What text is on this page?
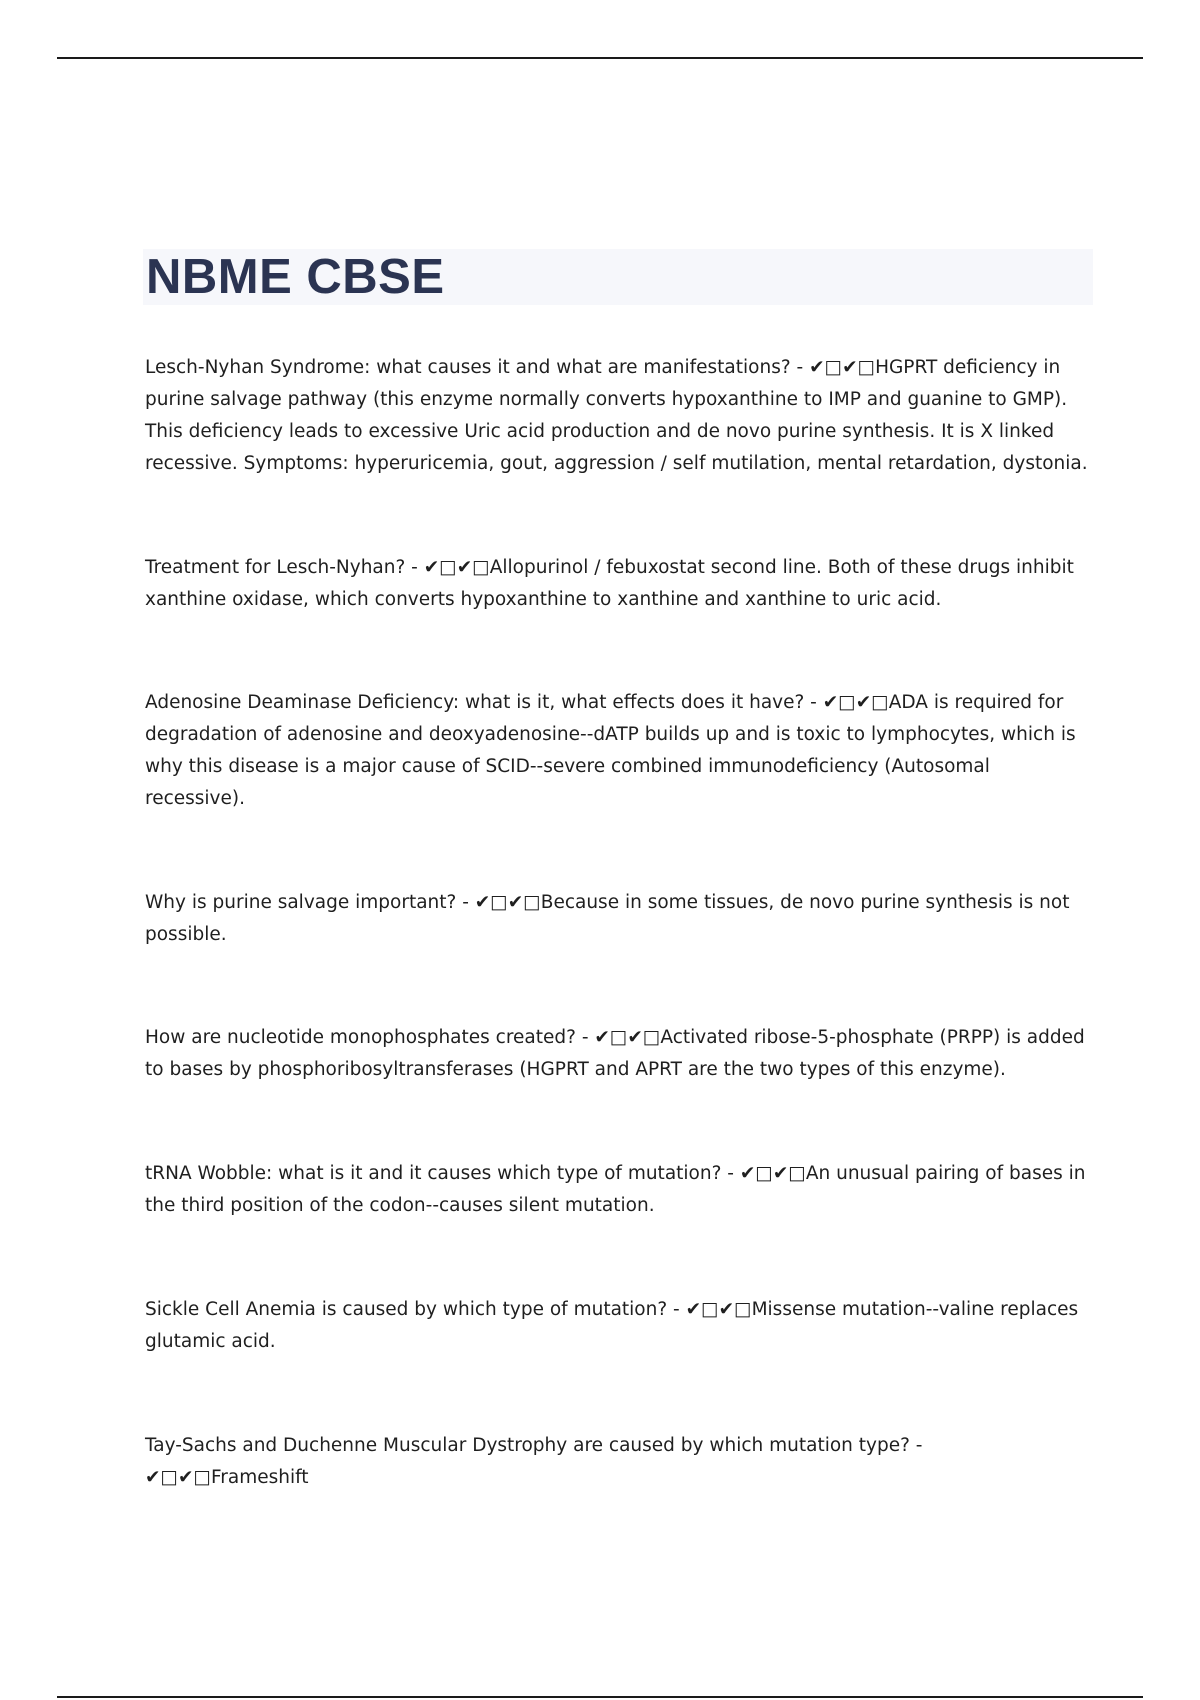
NBME CBSE

Lesch-Nyhan Syndrome: what causes it and what are manifestations? - ✔□✔□HGPRT deficiency in purine salvage pathway (this enzyme normally converts hypoxanthine to IMP and guanine to GMP). This deficiency leads to excessive Uric acid production and de novo purine synthesis. It is X linked recessive. Symptoms: hyperuricemia, gout, aggression / self mutilation, mental retardation, dystonia.

Treatment for Lesch-Nyhan? - ✔□✔□Allopurinol / febuxostat second line. Both of these drugs inhibit xanthine oxidase, which converts hypoxanthine to xanthine and xanthine to uric acid.

Adenosine Deaminase Deficiency: what is it, what effects does it have? - ✔□✔□ADA is required for degradation of adenosine and deoxyadenosine--dATP builds up and is toxic to lymphocytes, which is why this disease is a major cause of SCID--severe combined immunodeficiency (Autosomal recessive).

Why is purine salvage important? - ✔□✔□Because in some tissues, de novo purine synthesis is not possible.

How are nucleotide monophosphates created? - ✔□✔□Activated ribose-5-phosphate (PRPP) is added to bases by phosphoribosyltransferases (HGPRT and APRT are the two types of this enzyme).

tRNA Wobble: what is it and it causes which type of mutation? - ✔□✔□An unusual pairing of bases in the third position of the codon--causes silent mutation.

Sickle Cell Anemia is caused by which type of mutation? - ✔□✔□Missense mutation--valine replaces glutamic acid.

Tay-Sachs and Duchenne Muscular Dystrophy are caused by which mutation type? - ✔□✔□Frameshift
